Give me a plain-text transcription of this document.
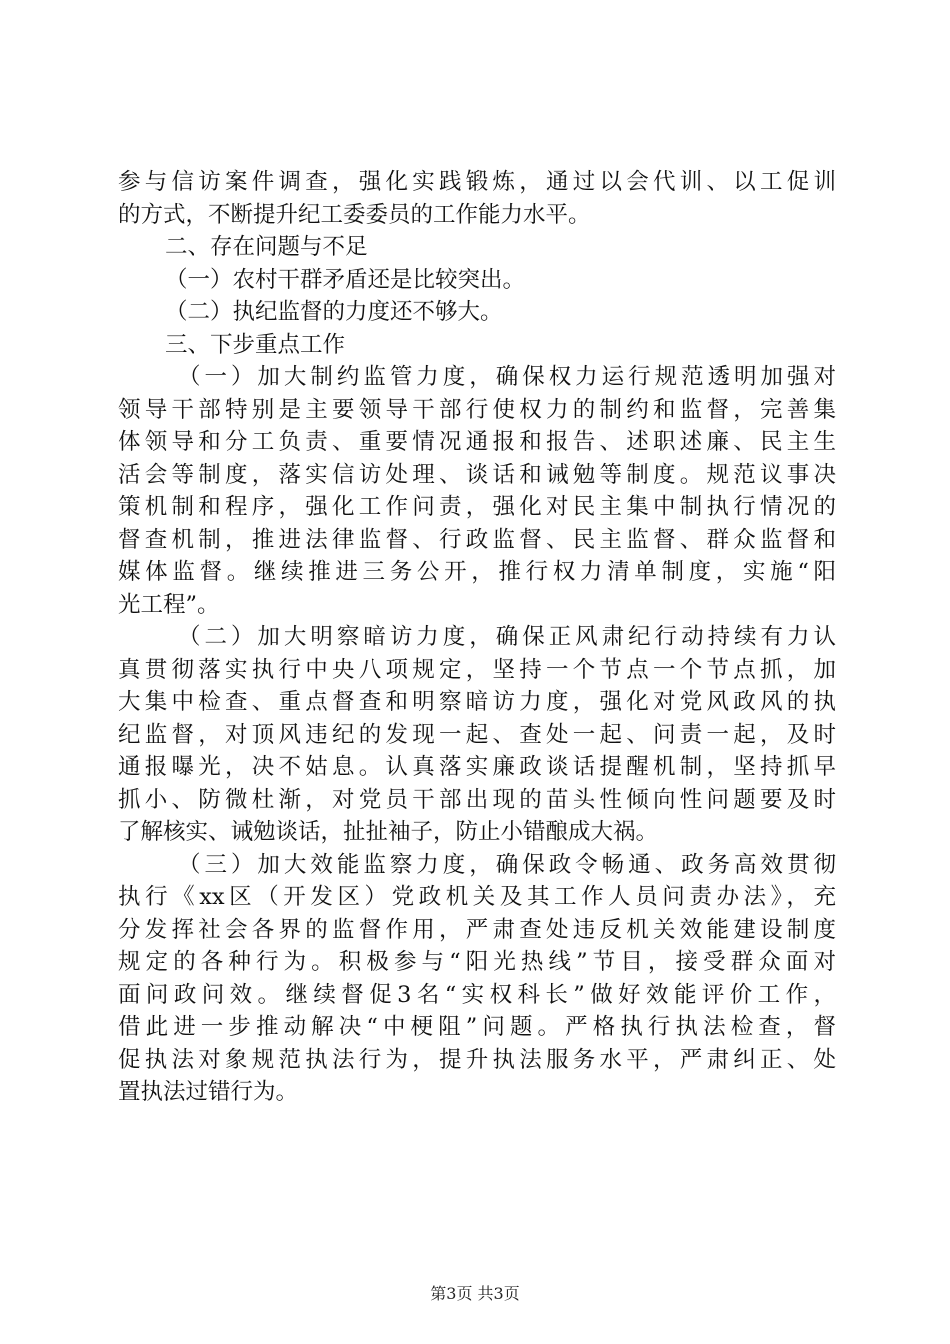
参与信访案件调查，强化实践锻炼，通过以会代训、以工促训
的方式，不断提升纪工委委员的工作能力水平。
二、存在问题与不足
（一）农村干群矛盾还是比较突出。
（二）执纪监督的力度还不够大。
三、下步重点工作
（一）加大制约监管力度，确保权力运行规范透明加强对
领导干部特别是主要领导干部行使权力的制约和监督，完善集
体领导和分工负责、重要情况通报和报告、述职述廉、民主生
活会等制度，落实信访处理、谈话和诫勉等制度。规范议事决
策机制和程序，强化工作问责，强化对民主集中制执行情况的
督查机制，推进法律监督、行政监督、民主监督、群众监督和
媒体监督。继续推进三务公开，推行权力清单制度，实施“阳
光工程”。
（二）加大明察暗访力度，确保正风肃纪行动持续有力认
真贯彻落实执行中央八项规定，坚持一个节点一个节点抓，加
大集中检查、重点督查和明察暗访力度，强化对党风政风的执
纪监督，对顶风违纪的发现一起、查处一起、问责一起，及时
通报曝光，决不姑息。认真落实廉政谈话提醒机制，坚持抓早
抓小、防微杜渐，对党员干部出现的苗头性倾向性问题要及时
了解核实、诫勉谈话，扯扯袖子，防止小错酿成大祸。
（三）加大效能监察力度，确保政令畅通、政务高效贯彻
执行《xx区（开发区）党政机关及其工作人员问责办法》，充
分发挥社会各界的监督作用，严肃查处违反机关效能建设制度
规定的各种行为。积极参与“阳光热线”节目，接受群众面对
面问政问效。继续督促3名“实权科长”做好效能评价工作，
借此进一步推动解决“中梗阻”问题。严格执行执法检查，督
促执法对象规范执法行为，提升执法服务水平，严肃纠正、处
置执法过错行为。
第3页 共3页
